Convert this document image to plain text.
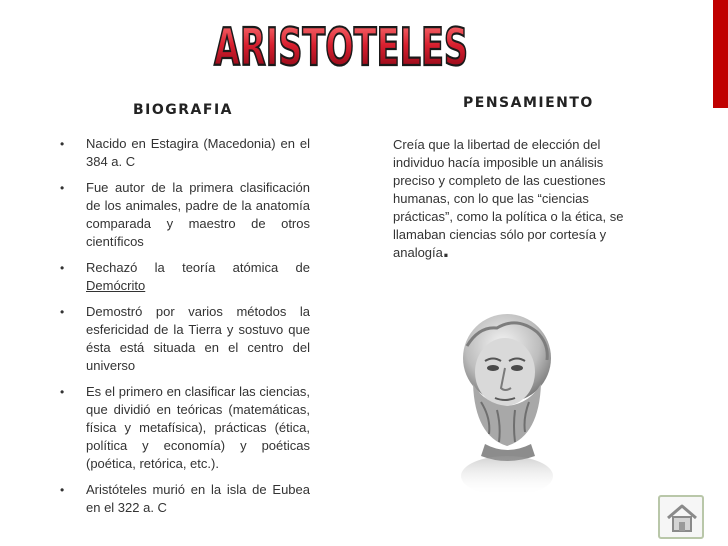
ARISTOTELES
BIOGRAFIA	PENSAMIENTO
• Nacido en Estagira (Macedonia) en el 384 a. C
• Fue autor de la primera clasificación de los animales, padre de la anatomía comparada y maestro de otros científicos
• Rechazó la teoría atómica de Demócrito
• Demostró por varios métodos la esfericidad de la Tierra y sostuvo que ésta está situada en el centro del universo
• Es el primero en clasificar las ciencias, que dividió en teóricas (matemáticas, física y metafísica), prácticas (ética, política y economía) y poéticas (poética, retórica, etc.).
• Aristóteles murió en la isla de Eubea en el 322 a. C
Creía que la libertad de elección del individuo hacía imposible un análisis preciso y completo de las cuestiones humanas, con lo que las “ciencias prácticas”, como la política o la ética, se llamaban ciencias sólo por cortesía y analogía.
